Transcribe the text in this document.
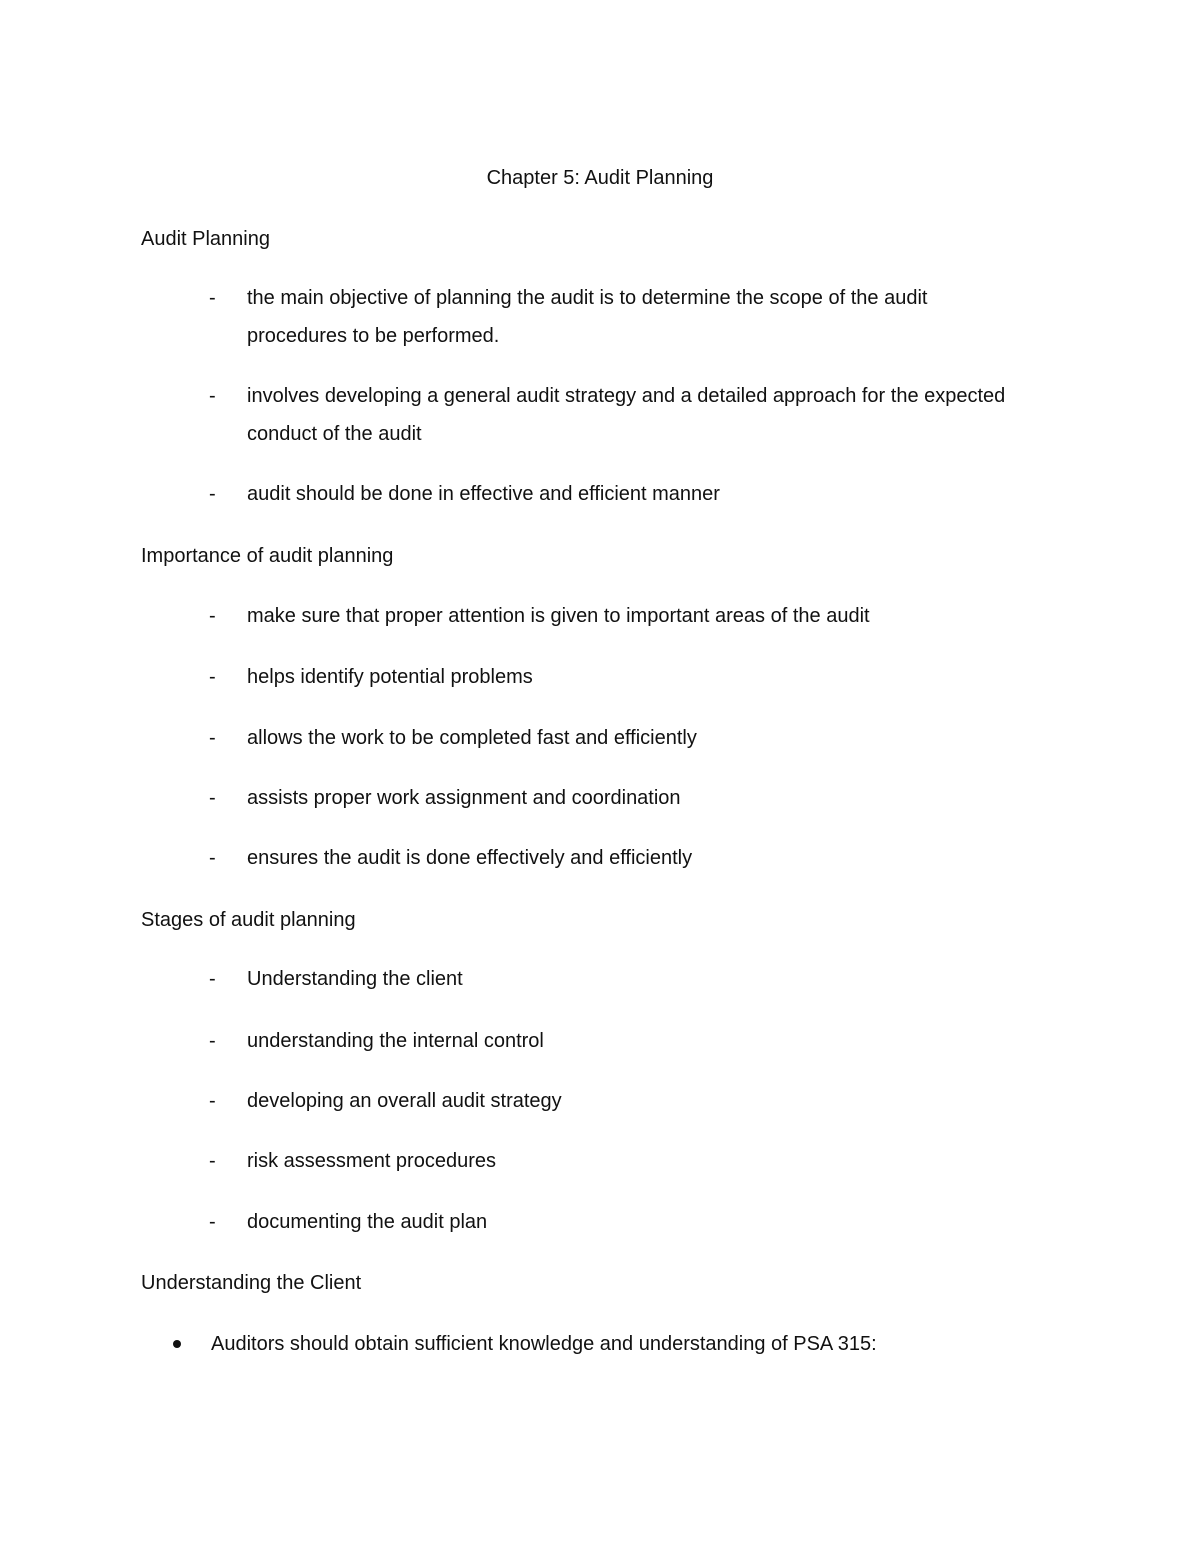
Chapter 5: Audit Planning

Audit Planning

-	the main objective of planning the audit is to determine the scope of the audit procedures to be performed.
-	involves developing a general audit strategy and a detailed approach for the expected conduct of the audit
-	audit should be done in effective and efficient manner

Importance of audit planning

-	make sure that proper attention is given to important areas of the audit
-	helps identify potential problems
-	allows the work to be completed fast and efficiently
-	assists proper work assignment and coordination
-	ensures the audit is done effectively and efficiently

Stages of audit planning

-	Understanding the client
-	understanding the internal control
-	developing an overall audit strategy
-	risk assessment procedures
-	documenting the audit plan

Understanding the Client

Auditors should obtain sufficient knowledge and understanding of PSA 315:
